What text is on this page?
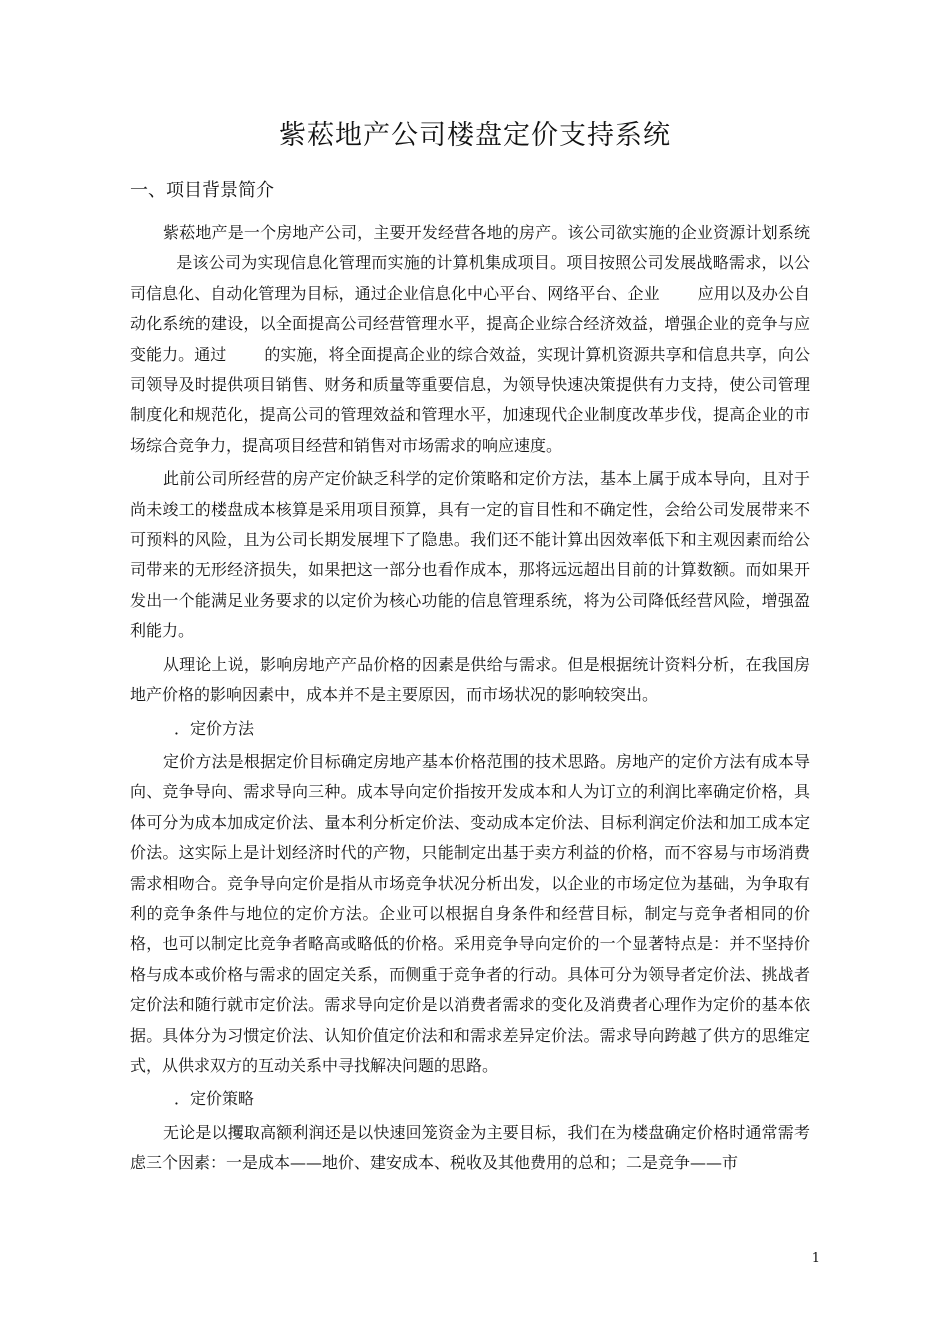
紫菘地产公司楼盘定价支持系统
一、项目背景简介

紫菘地产是一个房地产公司，主要开发经营各地的房产。该公司欲实施的企业资源计划系统是该公司为实现信息化管理而实施的计算机集成项目。项目按照公司发展战略需求，以公司信息化、自动化管理为目标，通过企业信息化中心平台、网络平台、企业 应用以及办公自动化系统的建设，以全面提高公司经营管理水平，提高企业综合经济效益，增强企业的竞争与应变能力。通过 的实施，将全面提高企业的综合效益，实现计算机资源共享和信息共享，向公司领导及时提供项目销售、财务和质量等重要信息，为领导快速决策提供有力支持，使公司管理制度化和规范化，提高公司的管理效益和管理水平，加速现代企业制度改革步伐，提高企业的市场综合竞争力，提高项目经营和销售对市场需求的响应速度。

此前公司所经营的房产定价缺乏科学的定价策略和定价方法，基本上属于成本导向，且对于尚未竣工的楼盘成本核算是采用项目预算，具有一定的盲目性和不确定性，会给公司发展带来不可预料的风险，且为公司长期发展埋下了隐患。我们还不能计算出因效率低下和主观因素而给公司带来的无形经济损失，如果把这一部分也看作成本，那将远远超出目前的计算数额。而如果开发出一个能满足业务要求的以定价为核心功能的信息管理系统，将为公司降低经营风险，增强盈利能力。

从理论上说，影响房地产产品价格的因素是供给与需求。但是根据统计资料分析，在我国房地产价格的影响因素中，成本并不是主要原因，而市场状况的影响较突出。

．定价方法

定价方法是根据定价目标确定房地产基本价格范围的技术思路。房地产的定价方法有成本导向、竞争导向、需求导向三种。成本导向定价指按开发成本和人为订立的利润比率确定价格，具体可分为成本加成定价法、量本利分析定价法、变动成本定价法、目标利润定价法和加工成本定价法。这实际上是计划经济时代的产物，只能制定出基于卖方利益的价格，而不容易与市场消费需求相吻合。竞争导向定价是指从市场竞争状况分析出发，以企业的市场定位为基础，为争取有利的竞争条件与地位的定价方法。企业可以根据自身条件和经营目标，制定与竞争者相同的价格，也可以制定比竞争者略高或略低的价格。采用竞争导向定价的一个显著特点是：并不坚持价格与成本或价格与需求的固定关系，而侧重于竞争者的行动。具体可分为领导者定价法、挑战者定价法和随行就市定价法。需求导向定价是以消费者需求的变化及消费者心理作为定价的基本依据。具体分为习惯定价法、认知价值定价法和和需求差异定价法。需求导向跨越了供方的思维定式，从供求双方的互动关系中寻找解决问题的思路。

．定价策略

无论是以攫取高额利润还是以快速回笼资金为主要目标，我们在为楼盘确定价格时通常需考虑三个因素：一是成本——地价、建安成本、税收及其他费用的总和；二是竞争——市

1
